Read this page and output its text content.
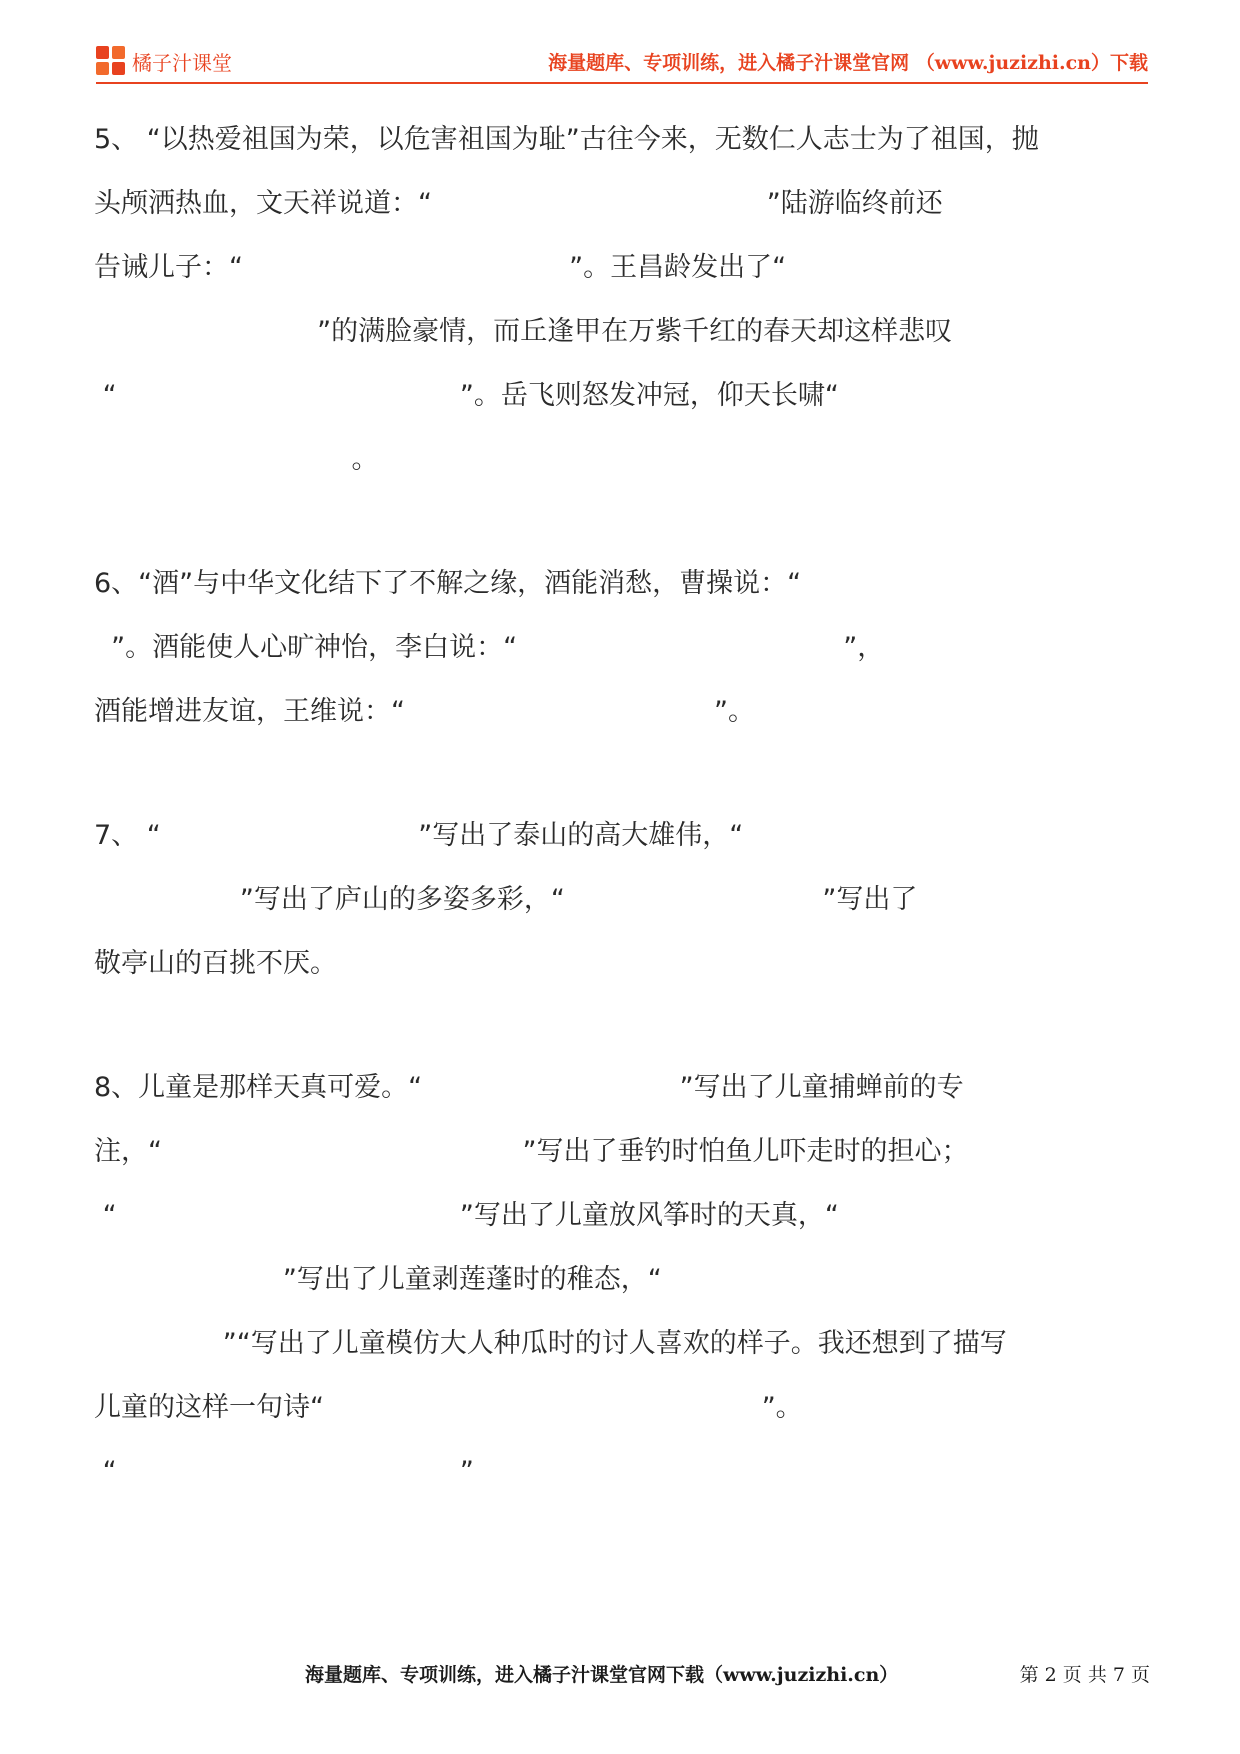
橘子汁课堂	海量题库、专项训练，进入橘子汁课堂官网 （www.juzizhi.cn）下载
5、 “以热爱祖国为荣，以危害祖国为耻”古往今来，无数仁人志士为了祖国，抛
头颅洒热血，文天祥说道：“                                       ”陆游临终前还
告诫儿子：“                                      ”。王昌龄发出了“
”的满脸豪情，而丘逢甲在万紫千红的春天却这样悲叹
“                                        ”。岳飞则怒发冲冠，仰天长啸“
。
6、“酒”与中华文化结下了不解之缘，酒能消愁，曹操说：“
”。酒能使人心旷神怡，李白说：“                                      ”，
酒能增进友谊，王维说：“                                    ”。
7、 “                              ”写出了泰山的高大雄伟，“
”写出了庐山的多姿多彩，“                              ”写出了
敬亭山的百挑不厌。
8、儿童是那样天真可爱。“                              ”写出了儿童捕蝉前的专
注，“                                          ”写出了垂钓时怕鱼儿吓走时的担心；
“                                        ”写出了儿童放风筝时的天真，“
”写出了儿童剥莲蓬时的稚态，“
”“写出了儿童模仿大人种瓜时的讨人喜欢的样子。我还想到了描写
儿童的这样一句诗“                                                   ”。
“                                        ”
海量题库、专项训练，进入橘子汁课堂官网下载（www.juzizhi.cn）	第 2 页 共 7 页
